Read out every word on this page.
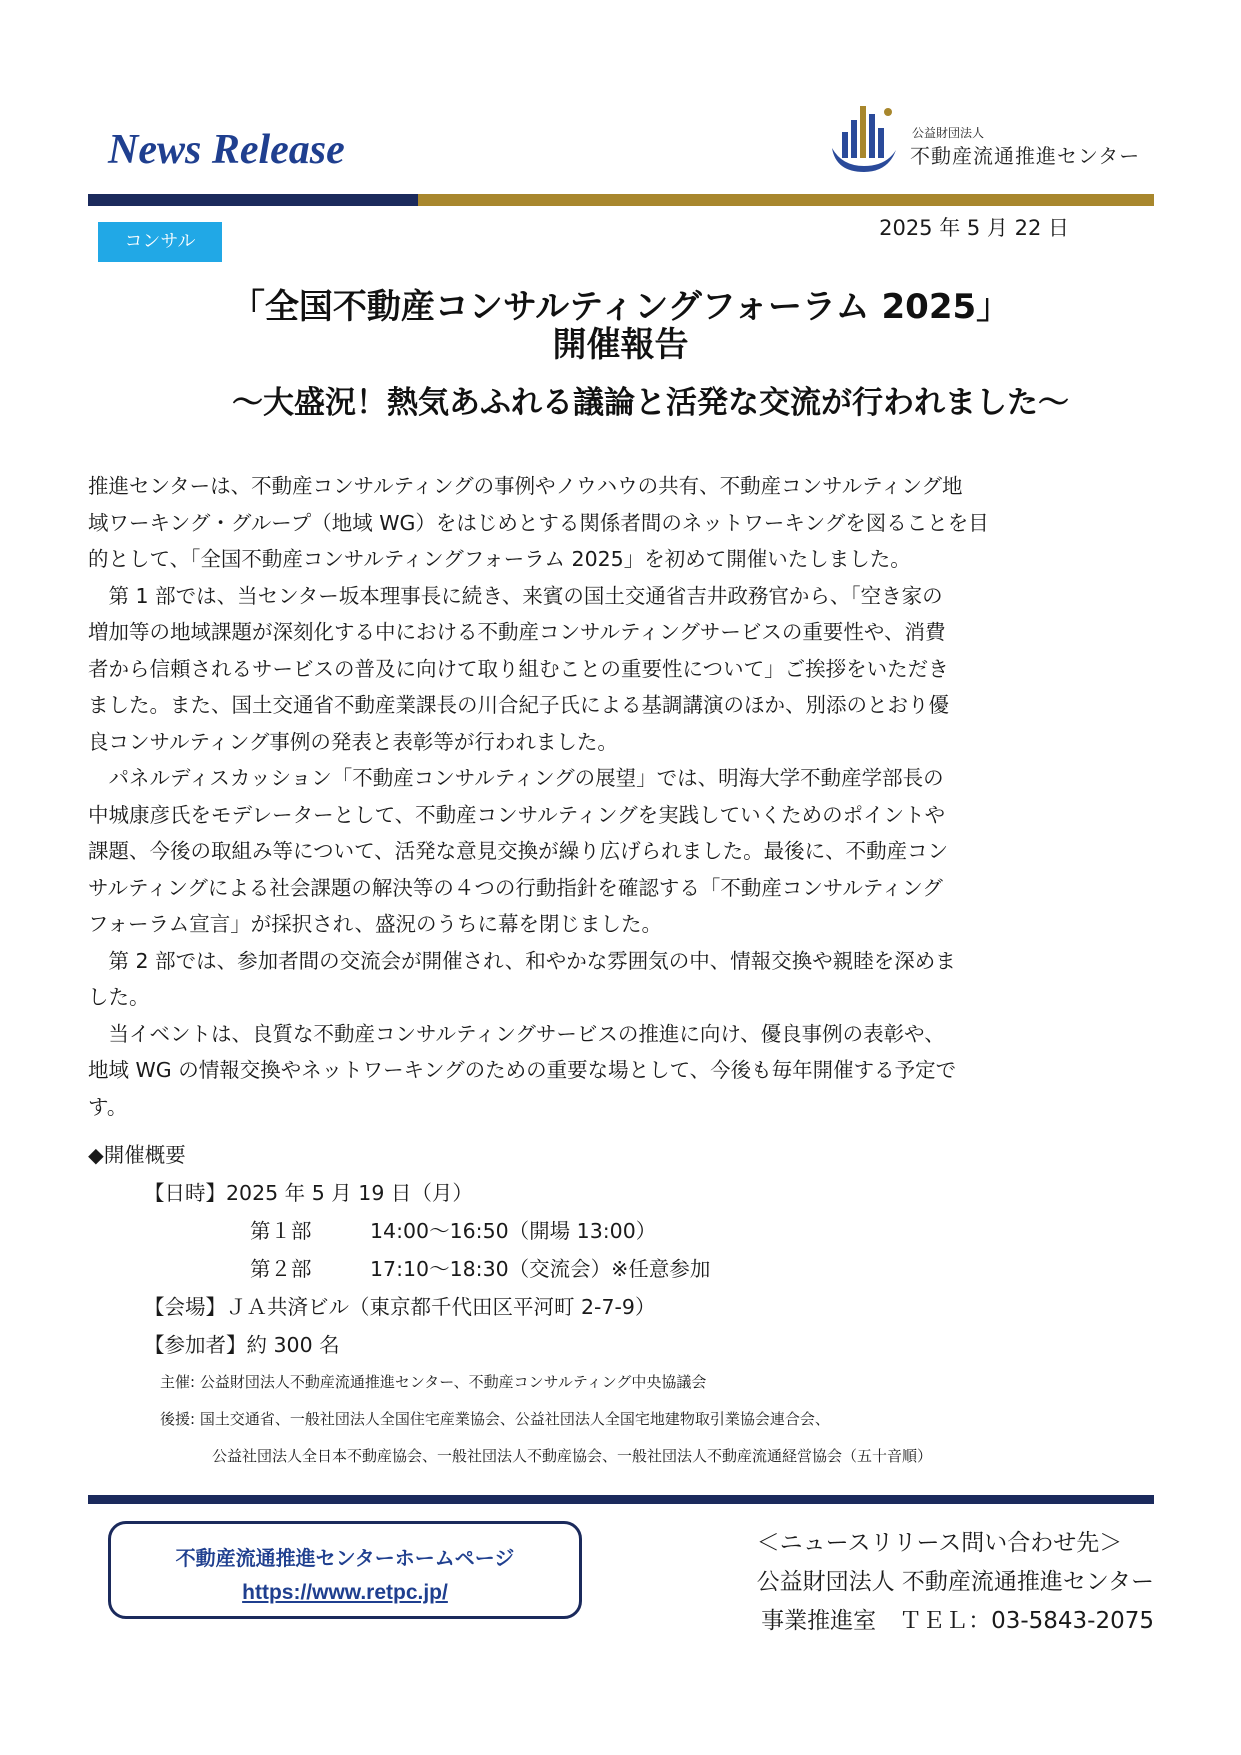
News Release	公益財団法人
不動産流通推進センター
2025 年 5 月 22 日
コンサル
「全国不動産コンサルティングフォーラム 2025」
開催報告
～大盛況！熱気あふれる議論と活発な交流が行われました～
推進センターは、不動産コンサルティングの事例やノウハウの共有、不動産コンサルティング地
域ワーキング・グループ（地域 WG）をはじめとする関係者間のネットワーキングを図ることを目
的として、「全国不動産コンサルティングフォーラム 2025」を初めて開催いたしました。
　第 1 部では、当センター坂本理事長に続き、来賓の国土交通省吉井政務官から、「空き家の
増加等の地域課題が深刻化する中における不動産コンサルティングサービスの重要性や、消費
者から信頼されるサービスの普及に向けて取り組むことの重要性について」ご挨拶をいただき
ました。また、国土交通省不動産業課長の川合紀子氏による基調講演のほか、別添のとおり優
良コンサルティング事例の発表と表彰等が行われました。
　パネルディスカッション「不動産コンサルティングの展望」では、明海大学不動産学部長の
中城康彦氏をモデレーターとして、不動産コンサルティングを実践していくためのポイントや
課題、今後の取組み等について、活発な意見交換が繰り広げられました。最後に、不動産コン
サルティングによる社会課題の解決等の４つの行動指針を確認する「不動産コンサルティング
フォーラム宣言」が採択され、盛況のうちに幕を閉じました。
　第 2 部では、参加者間の交流会が開催され、和やかな雰囲気の中、情報交換や親睦を深めま
した。
　当イベントは、良質な不動産コンサルティングサービスの推進に向け、優良事例の表彰や、
地域 WG の情報交換やネットワーキングのための重要な場として、今後も毎年開催する予定で
す。
◆開催概要
【日時】2025 年 5 月 19 日（月）
第１部	14:00～16:50（開場 13:00）
第２部	17:10～18:30（交流会）※任意参加
【会場】ＪＡ共済ビル（東京都千代田区平河町 2-7-9）
【参加者】約 300 名
主催: 公益財団法人不動産流通推進センター、不動産コンサルティング中央協議会
後援: 国土交通省、一般社団法人全国住宅産業協会、公益社団法人全国宅地建物取引業協会連合会、
公益社団法人全日本不動産協会、一般社団法人不動産協会、一般社団法人不動産流通経営協会（五十音順）
不動産流通推進センターホームページ
https://www.retpc.jp/
＜ニュースリリース問い合わせ先＞
公益財団法人 不動産流通推進センター
事業推進室　ＴＥＬ：03-5843-2075
